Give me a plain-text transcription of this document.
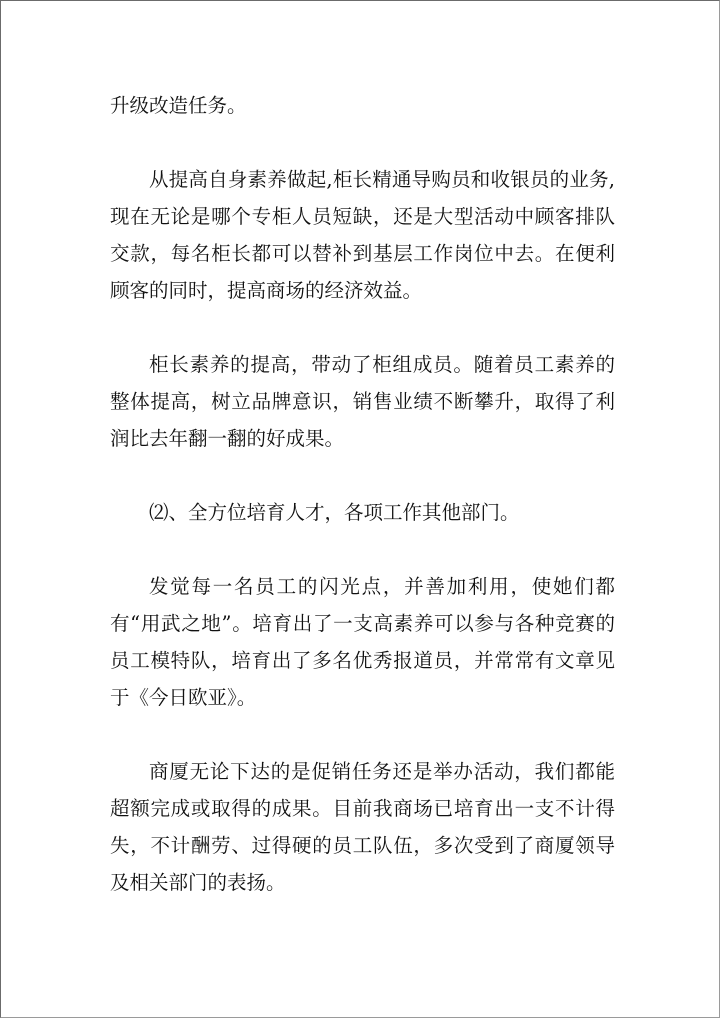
升级改造任务。

从提高自身素养做起,柜长精通导购员和收银员的业务,现在无论是哪个专柜人员短缺，还是大型活动中顾客排队交款，每名柜长都可以替补到基层工作岗位中去。在便利顾客的同时，提高商场的经济效益。

柜长素养的提高，带动了柜组成员。随着员工素养的整体提高，树立品牌意识，销售业绩不断攀升，取得了利润比去年翻一翻的好成果。

⑵、全方位培育人才，各项工作其他部门。

发觉每一名员工的闪光点，并善加利用，使她们都有“用武之地”。培育出了一支高素养可以参与各种竞赛的员工模特队，培育出了多名优秀报道员，并常常有文章见于《今日欧亚》。

商厦无论下达的是促销任务还是举办活动，我们都能超额完成或取得的成果。目前我商场已培育出一支不计得失，不计酬劳、过得硬的员工队伍，多次受到了商厦领导及相关部门的表扬。
